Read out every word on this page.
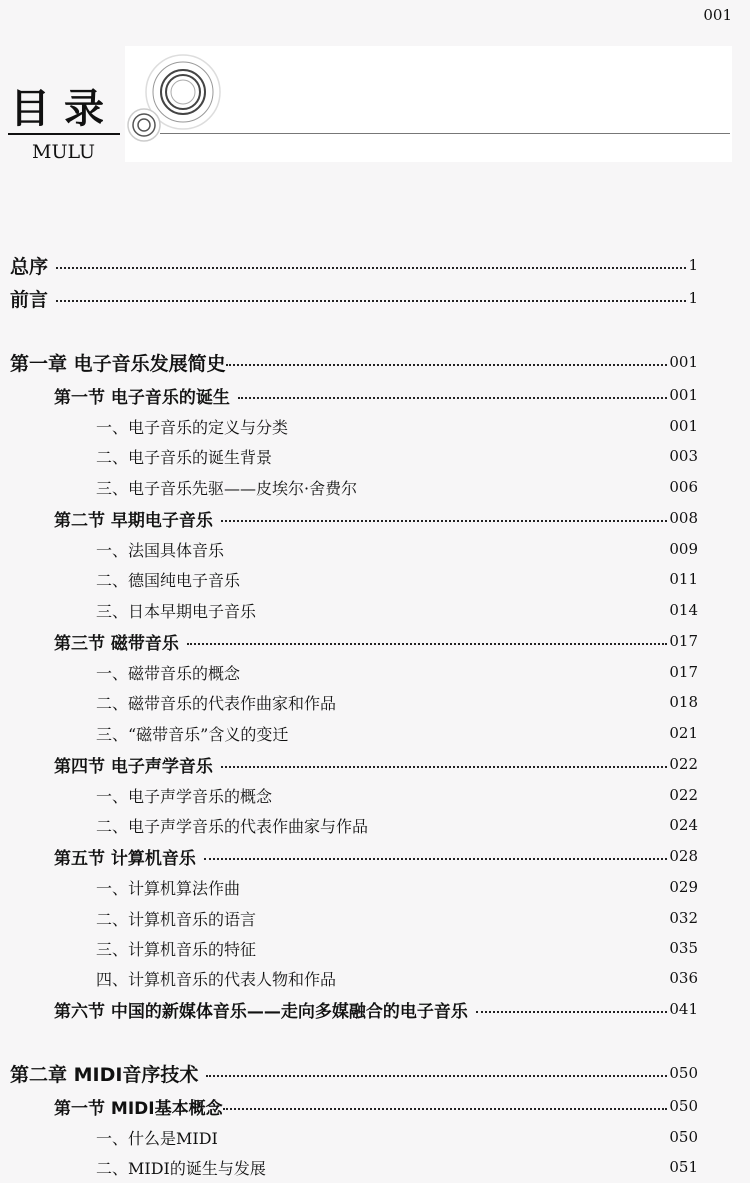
001
目录
MULU
总序	1
前言	1
第一章 电子音乐发展简史	001
第一节 电子音乐的诞生	001
一、电子音乐的定义与分类	001
二、电子音乐的诞生背景	003
三、电子音乐先驱——皮埃尔·舍费尔	006
第二节 早期电子音乐	008
一、法国具体音乐	009
二、德国纯电子音乐	011
三、日本早期电子音乐	014
第三节 磁带音乐	017
一、磁带音乐的概念	017
二、磁带音乐的代表作曲家和作品	018
三、“磁带音乐”含义的变迁	021
第四节 电子声学音乐	022
一、电子声学音乐的概念	022
二、电子声学音乐的代表作曲家与作品	024
第五节 计算机音乐	028
一、计算机算法作曲	029
二、计算机音乐的语言	032
三、计算机音乐的特征	035
四、计算机音乐的代表人物和作品	036
第六节 中国的新媒体音乐——走向多媒融合的电子音乐	041
第二章 MIDI音序技术	050
第一节 MIDI基本概念	050
一、什么是MIDI	050
二、MIDI的诞生与发展	051
